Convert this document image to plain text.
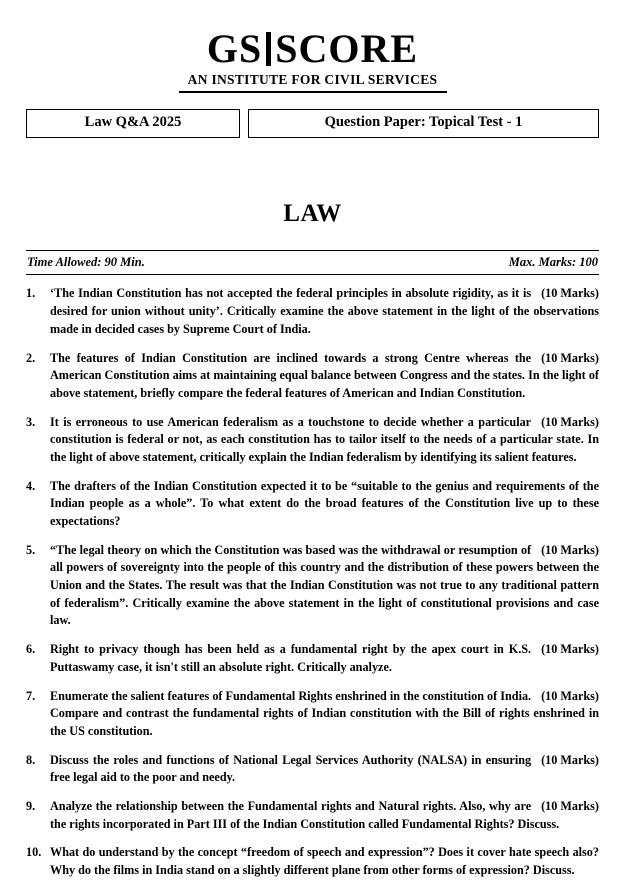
GS SCORE
AN INSTITUTE FOR CIVIL SERVICES
Law Q&A 2025	Question Paper: Topical Test - 1
LAW
Time Allowed: 90 Min.	Max. Marks: 100
1.	(10 Marks)
‘The Indian Constitution has not accepted the federal principles in absolute rigidity, as it is desired for union without unity’. Critically examine the above statement in the light of the observations made in decided cases by Supreme Court of India.
2.	(10 Marks)
The features of Indian Constitution are inclined towards a strong Centre whereas the American Constitution aims at maintaining equal balance between Congress and the states. In the light of above statement, briefly compare the federal features of American and Indian Constitution.
3.	(10 Marks)
It is erroneous to use American federalism as a touchstone to decide whether a particular constitution is federal or not, as each constitution has to tailor itself to the needs of a particular state. In the light of above statement, critically explain the Indian federalism by identifying its salient features.
4.	The drafters of the Indian Constitution expected it to be “suitable to the genius and requirements of the Indian people as a whole”. To what extent do the broad features of the Constitution live up to these expectations?
5.	(10 Marks)
“The legal theory on which the Constitution was based was the withdrawal or resumption of all powers of sovereignty into the people of this country and the distribution of these powers between the Union and the States. The result was that the Indian Constitution was not true to any traditional pattern of federalism”. Critically examine the above statement in the light of constitutional provisions and case law.
6.	(10 Marks)
Right to privacy though has been held as a fundamental right by the apex court in K.S. Puttaswamy case, it isn't still an absolute right. Critically analyze.
7.	(10 Marks)
Enumerate the salient features of Fundamental Rights enshrined in the constitution of India. Compare and contrast the fundamental rights of Indian constitution with the Bill of rights enshrined in the US constitution.
8.	(10 Marks)
Discuss the roles and functions of National Legal Services Authority (NALSA) in ensuring free legal aid to the poor and needy.
9.	(10 Marks)
Analyze the relationship between the Fundamental rights and Natural rights. Also, why are the rights incorporated in Part III of the Indian Constitution called Fundamental Rights? Discuss.
10. What do understand by the concept “freedom of speech and expression”? Does it cover hate speech also? Why do the films in India stand on a slightly different plane from other forms of expression? Discuss.
